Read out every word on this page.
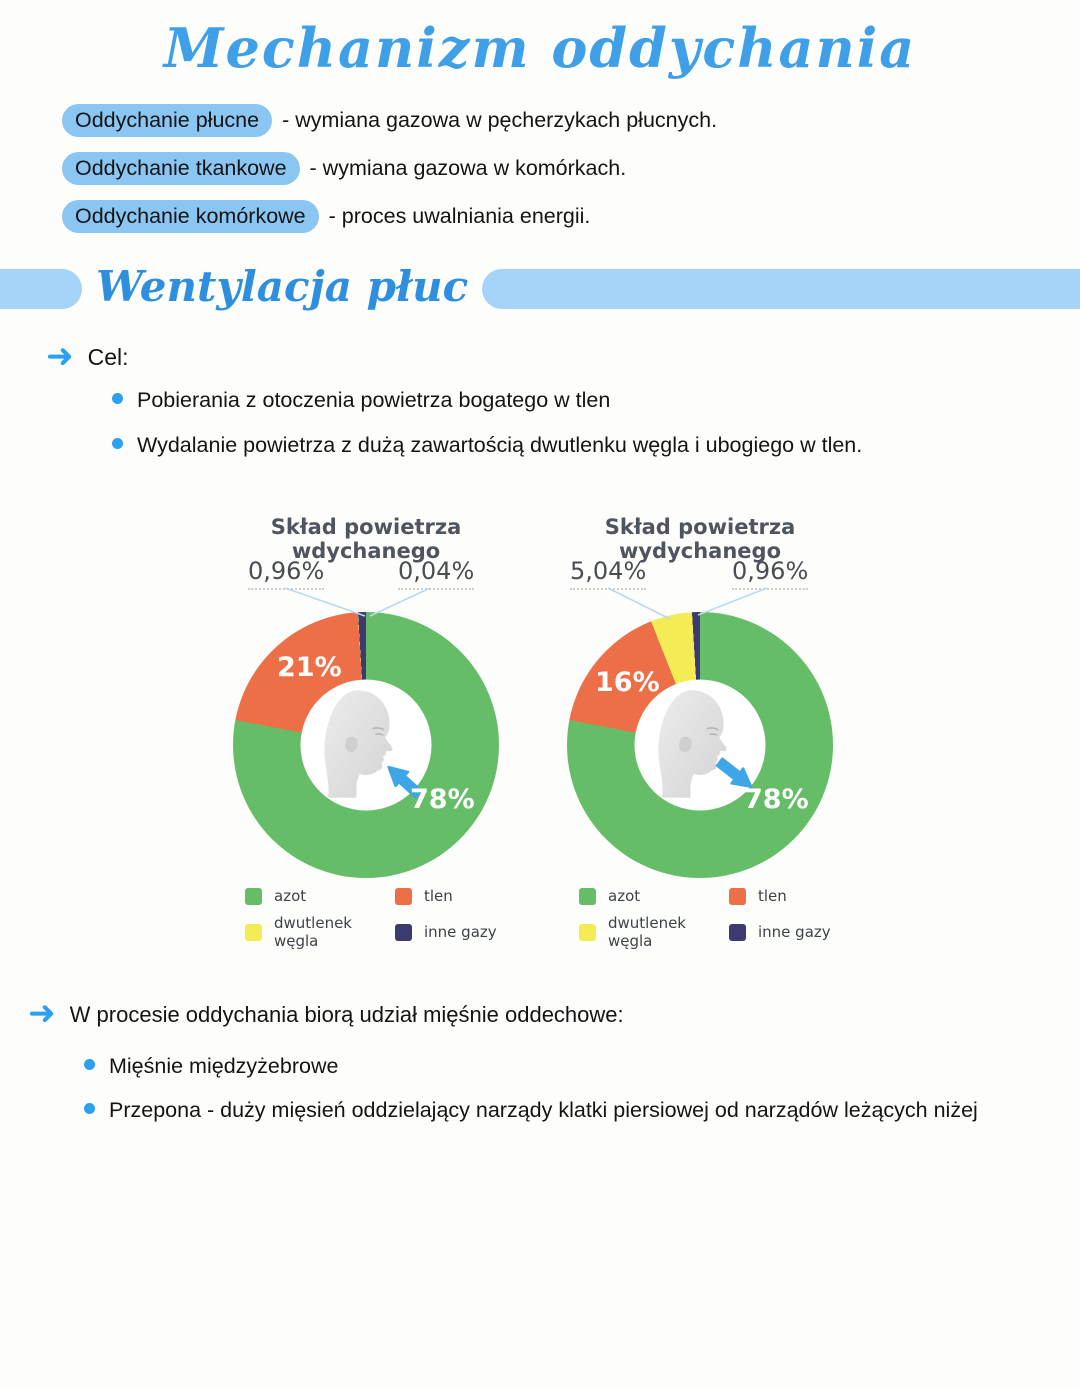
Mechanizm oddychania
Oddychanie płucne	- wymiana gazowa w pęcherzykach płucnych.
Oddychanie tkankowe	- wymiana gazowa w komórkach.
Oddychanie komórkowe	- proces uwalniania energii.
Wentylacja płuc
➜ Cel:
Pobierania z otoczenia powietrza bogatego w tlen
Wydalanie powietrza z dużą zawartością dwutlenku węgla i ubogiego w tlen.
Skład powietrza wdychanego
0,96%	0,04%
21%
78%
azot	tlen
dwutlenek węgla	inne gazy
Skład powietrza wydychanego
5,04%	0,96%
16%
78%
azot	tlen
dwutlenek węgla	inne gazy
➜ W procesie oddychania biorą udział mięśnie oddechowe:
Mięśnie międzyżebrowe
Przepona - duży mięsień oddzielający narządy klatki piersiowej od narządów leżących niżej
